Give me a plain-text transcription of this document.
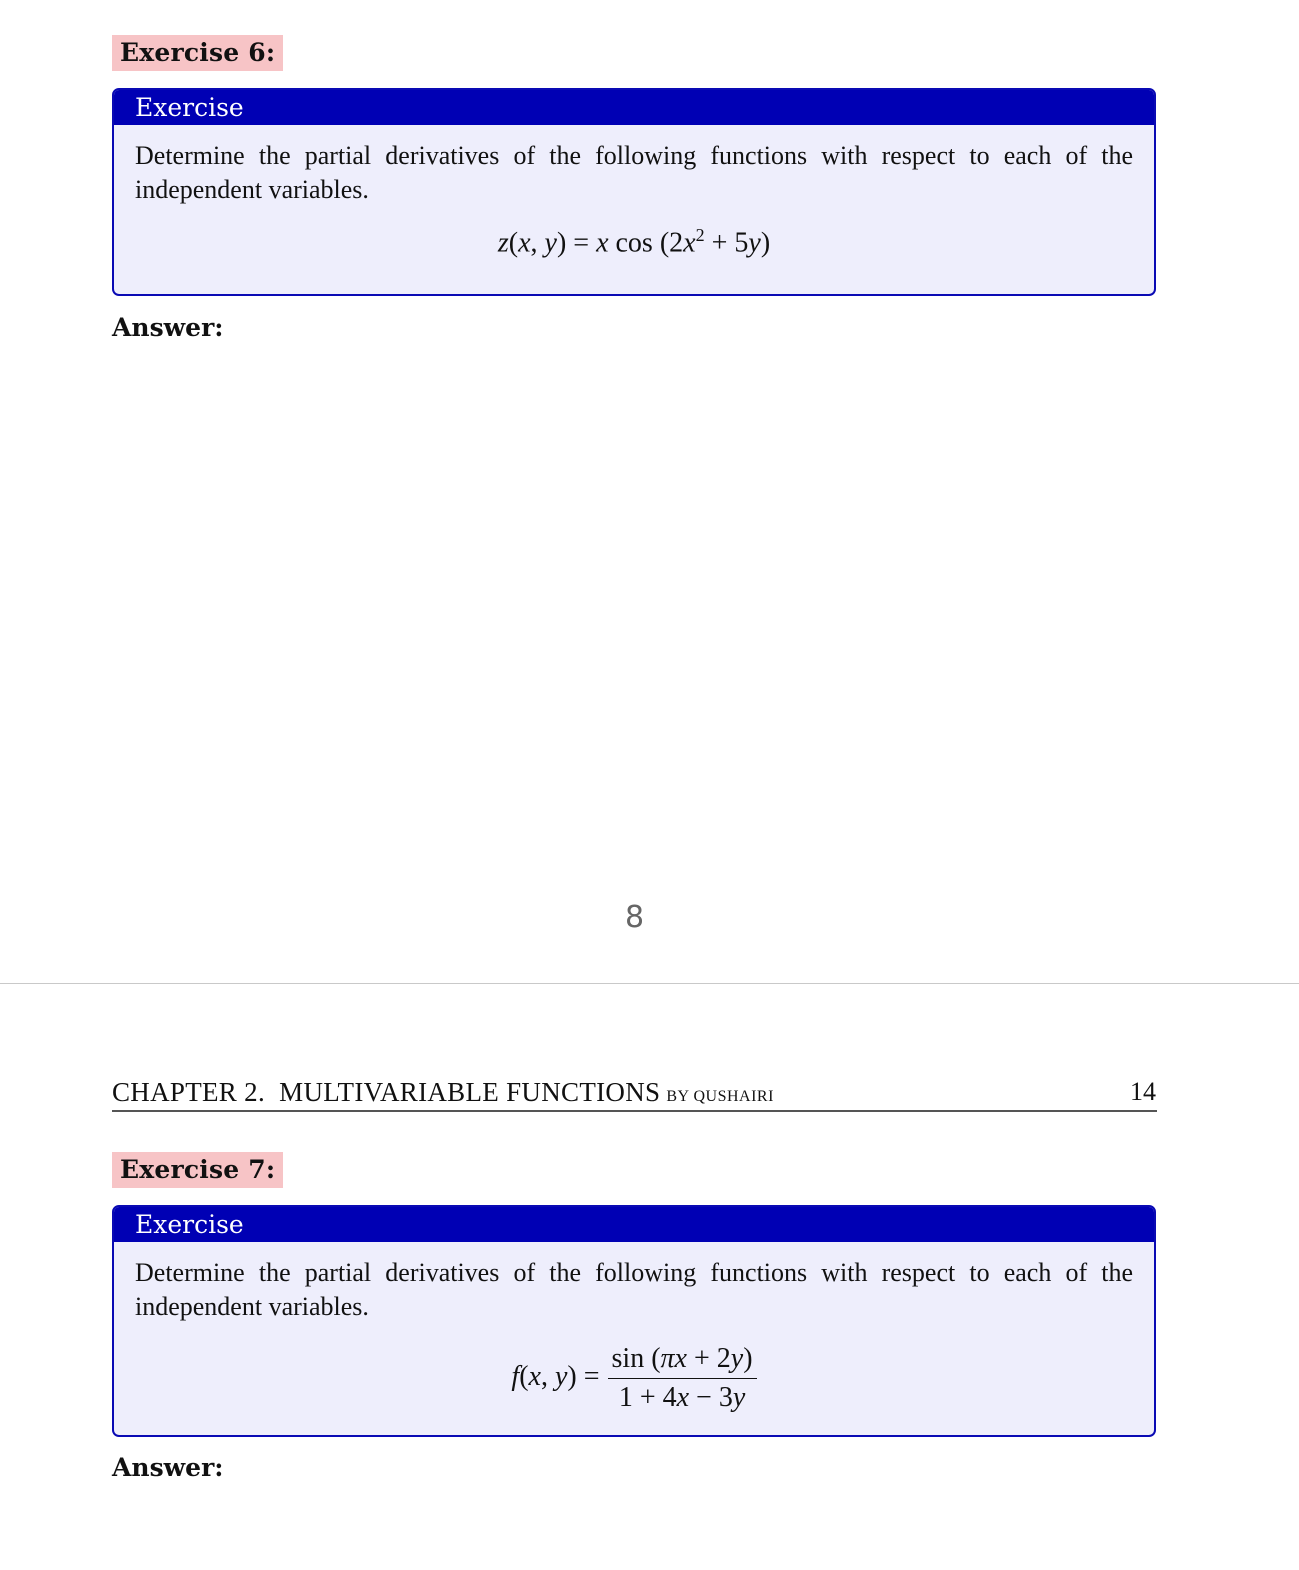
Exercise 6:
Exercise
Determine the partial derivatives of the following functions with respect to each of the independent variables.
z(x, y) = x $\cos (2x^2 + 5y)$
Answer:
8
CHAPTER 2. MULTIVARIABLE FUNCTIONS BY QUSHAIRI	14
Exercise 7:
Exercise
Determine the partial derivatives of the following functions with respect to each of the independent variables.
f(x, $y) = \frac{\sin (\pi x + 2y)}{1 + 4x - 3y}$
Answer:
